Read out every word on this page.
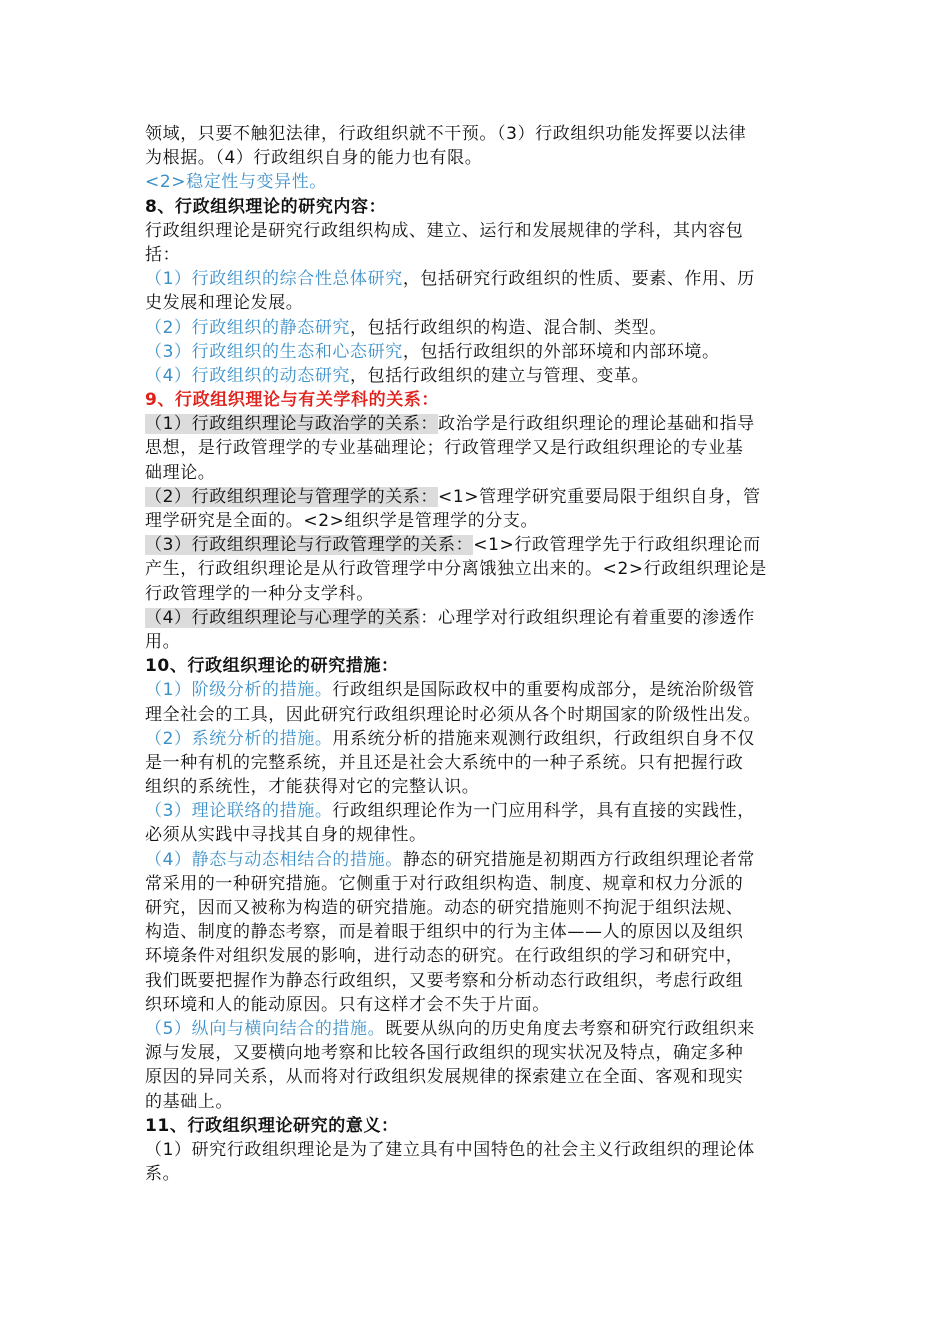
领域，只要不触犯法律，行政组织就不干预。（3）行政组织功能发挥要以法律
为根据。（4）行政组织自身的能力也有限。
<2>稳定性与变异性。
8、行政组织理论的研究内容：
行政组织理论是研究行政组织构成、建立、运行和发展规律的学科，其内容包
括：
（1）行政组织的综合性总体研究，包括研究行政组织的性质、要素、作用、历
史发展和理论发展。
（2）行政组织的静态研究，包括行政组织的构造、混合制、类型。
（3）行政组织的生态和心态研究，包括行政组织的外部环境和内部环境。
（4）行政组织的动态研究，包括行政组织的建立与管理、变革。
9、行政组织理论与有关学科的关系：
（1）行政组织理论与政治学的关系：政治学是行政组织理论的理论基础和指导
思想，是行政管理学的专业基础理论；行政管理学又是行政组织理论的专业基
础理论。
（2）行政组织理论与管理学的关系：<1>管理学研究重要局限于组织自身，管
理学研究是全面的。<2>组织学是管理学的分支。
（3）行政组织理论与行政管理学的关系：<1>行政管理学先于行政组织理论而
产生，行政组织理论是从行政管理学中分离饿独立出来的。<2>行政组织理论是
行政管理学的一种分支学科。
（4）行政组织理论与心理学的关系：心理学对行政组织理论有着重要的渗透作
用。
10、行政组织理论的研究措施：
（1）阶级分析的措施。行政组织是国际政权中的重要构成部分，是统治阶级管
理全社会的工具，因此研究行政组织理论时必须从各个时期国家的阶级性出发。
（2）系统分析的措施。用系统分析的措施来观测行政组织，行政组织自身不仅
是一种有机的完整系统，并且还是社会大系统中的一种子系统。只有把握行政
组织的系统性，才能获得对它的完整认识。
（3）理论联络的措施。行政组织理论作为一门应用科学，具有直接的实践性，
必须从实践中寻找其自身的规律性。
（4）静态与动态相结合的措施。静态的研究措施是初期西方行政组织理论者常
常采用的一种研究措施。它侧重于对行政组织构造、制度、规章和权力分派的
研究，因而又被称为构造的研究措施。动态的研究措施则不拘泥于组织法规、
构造、制度的静态考察，而是着眼于组织中的行为主体——人的原因以及组织
环境条件对组织发展的影响，进行动态的研究。在行政组织的学习和研究中，
我们既要把握作为静态行政组织，又要考察和分析动态行政组织，考虑行政组
织环境和人的能动原因。只有这样才会不失于片面。
（5）纵向与横向结合的措施。既要从纵向的历史角度去考察和研究行政组织来
源与发展，又要横向地考察和比较各国行政组织的现实状况及特点，确定多种
原因的异同关系，从而将对行政组织发展规律的探索建立在全面、客观和现实
的基础上。
11、行政组织理论研究的意义：
（1）研究行政组织理论是为了建立具有中国特色的社会主义行政组织的理论体
系。
